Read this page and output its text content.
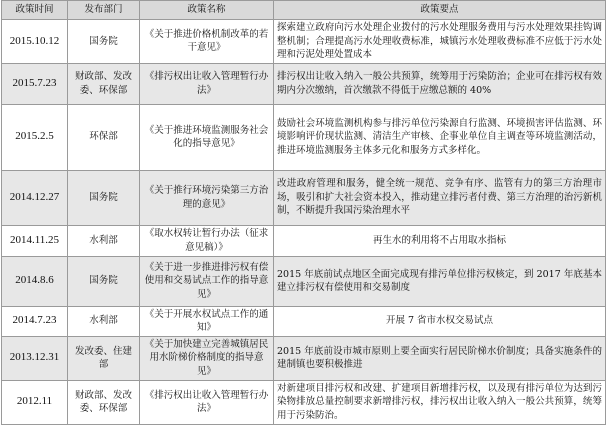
政策时间	发布部门	政策名称	政策要点
2015.10.12	国务院	《关于推进价格机制改革的若干意见》	探索建立政府向污水处理企业拨付的污水处理服务费用与污水处理效果挂钩调整机制；合理提高污水处理收费标准，城镇污水处理收费标准不应低于污水处理和污泥处理处置成本
2015.7.23	财政部、发改委、环保部	《排污权出让收入管理暂行办法》	排污权出让收入纳入一般公共预算，统筹用于污染防治；企业可在排污权有效期内分次缴纳，首次缴款不得低于应缴总额的 40%
2015.2.5	环保部	《关于推进环境监测服务社会化的指导意见》	鼓励社会环境监测机构参与排污单位污染源自行监测、环境损害评估监测、环境影响评价现状监测、清洁生产审核、企事业单位自主调查等环境监测活动，推进环境监测服务主体多元化和服务方式多样化。
2014.12.27	国务院	《关于推行环境污染第三方治理的意见》	改进政府管理和服务，健全统一规范、竞争有序、监管有力的第三方治理市场，吸引和扩大社会资本投入，推动建立排污者付费、第三方治理的治污新机制，不断提升我国污染治理水平
2014.11.25	水利部	《取水权转让暂行办法（征求意见稿）》	再生水的利用将不占用取水指标
2014.8.6	国务院	《关于进一步推进排污权有偿使用和交易试点工作的指导意见》	2015 年底前试点地区全面完成现有排污单位排污权核定，到 2017 年底基本建立排污权有偿使用和交易制度
2014.7.23	水利部	《关于开展水权试点工作的通知》	开展 7 省市水权交易试点
2013.12.31	发改委、住建部	《关于加快建立完善城镇居民用水阶梯价格制度的指导意见》	2015 年底前设市城市原则上要全面实行居民阶梯水价制度；具备实施条件的建制镇也要积极推进
2012.11	财政部、发改委、环保部	《排污权出让收入管理暂行办法》	对新建项目排污权和改建、扩建项目新增排污权，以及现有排污单位为达到污染物排放总量控制要求新增排污权，排污权出让收入纳入一般公共预算，统筹用于污染防治。
